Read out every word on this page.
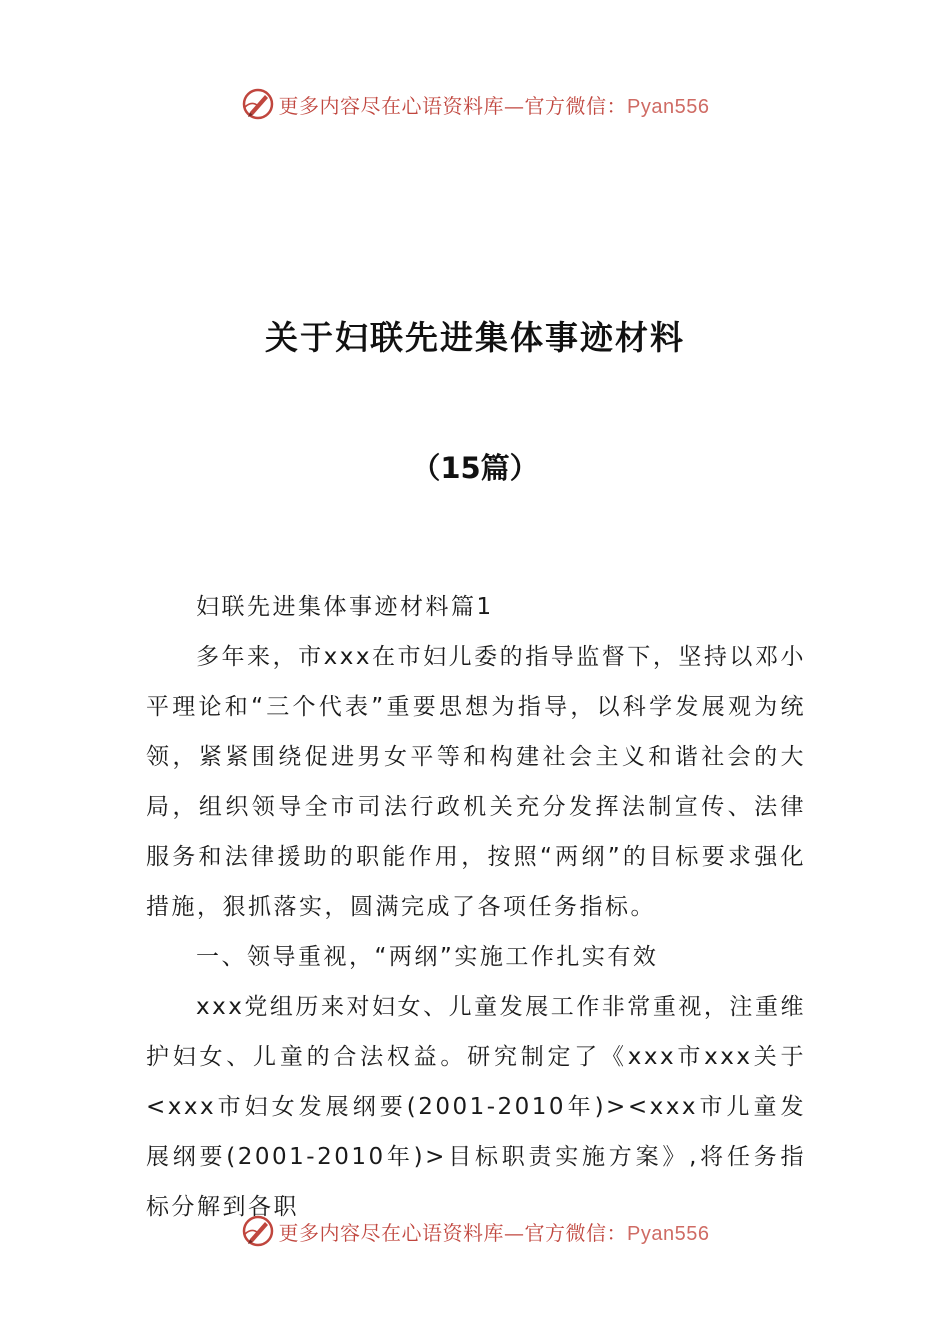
更多内容尽在心语资料库—官方微信：Pyan556
关于妇联先进集体事迹材料
（15篇）

妇联先进集体事迹材料篇1

多年来，市xxx在市妇儿委的指导监督下，坚持以邓小平理论和“三个代表”重要思想为指导，以科学发展观为统领，紧紧围绕促进男女平等和构建社会主义和谐社会的大局，组织领导全市司法行政机关充分发挥法制宣传、法律服务和法律援助的职能作用，按照“两纲”的目标要求强化措施，狠抓落实，圆满完成了各项任务指标。

一、领导重视，“两纲”实施工作扎实有效

xxx党组历来对妇女、儿童发展工作非常重视，注重维护妇女、儿童的合法权益。研究制定了《xxx市xxx关于<xxx市妇女发展纲要(2001-2010年)><xxx市儿童发展纲要(2001-2010年)>目标职责实施方案》,将任务指标分解到各职

更多内容尽在心语资料库—官方微信：Pyan556
